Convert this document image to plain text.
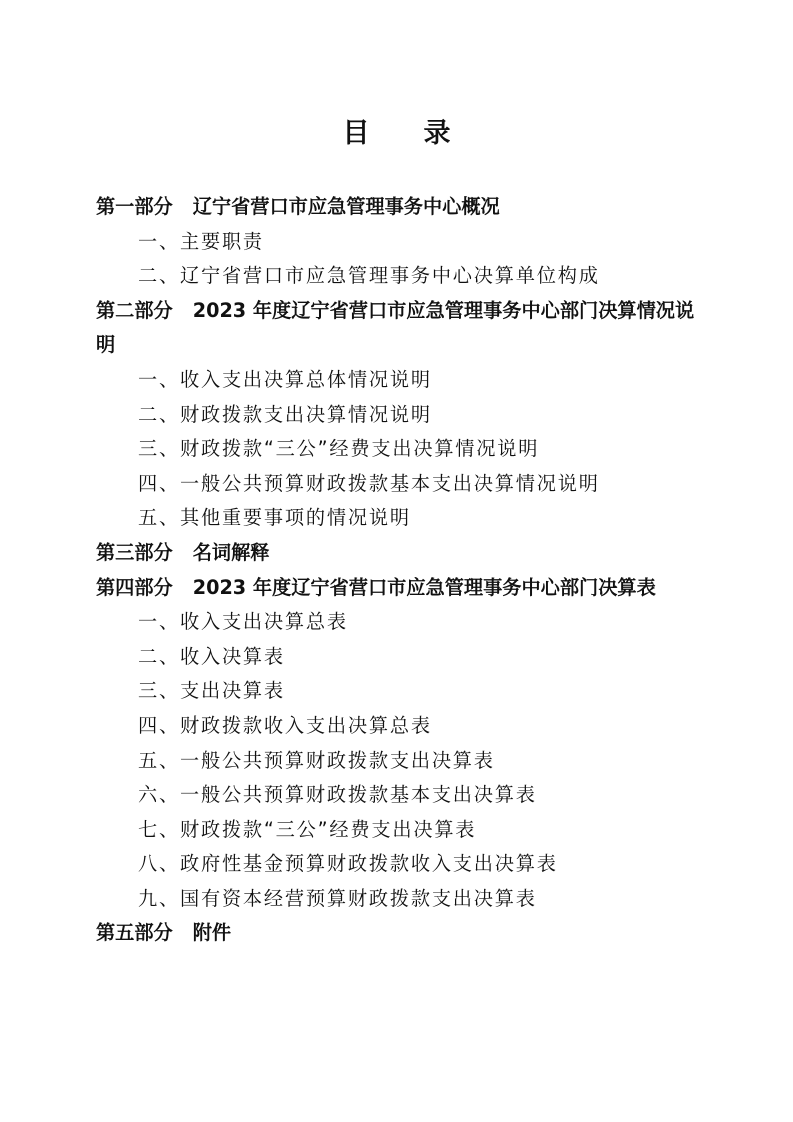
目 录
第一部分 辽宁省营口市应急管理事务中心概况
一、主要职责
二、辽宁省营口市应急管理事务中心决算单位构成
第二部分 2023 年度辽宁省营口市应急管理事务中心部门决算情况说明
一、收入支出决算总体情况说明
二、财政拨款支出决算情况说明
三、财政拨款“三公”经费支出决算情况说明
四、一般公共预算财政拨款基本支出决算情况说明
五、其他重要事项的情况说明
第三部分 名词解释
第四部分 2023 年度辽宁省营口市应急管理事务中心部门决算表
一、收入支出决算总表
二、收入决算表
三、支出决算表
四、财政拨款收入支出决算总表
五、一般公共预算财政拨款支出决算表
六、一般公共预算财政拨款基本支出决算表
七、财政拨款“三公”经费支出决算表
八、政府性基金预算财政拨款收入支出决算表
九、国有资本经营预算财政拨款支出决算表
第五部分 附件
